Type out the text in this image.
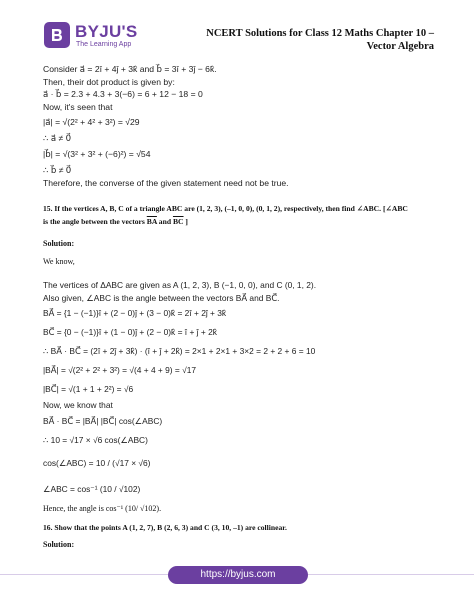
BYJU'S
The Learning App
NCERT Solutions for Class 12 Maths Chapter 10 –
Vector Algebra
Consider a⃗ = 2î + 4ĵ + 3k̂ and b⃗ = 3î + 3ĵ − 6k̂.
Then, their dot product is given by:
a⃗ · b⃗ = 2.3 + 4.3 + 3(−6) = 6 + 12 − 18 = 0
Now, it's seen that
|a⃗| = √(2² + 4² + 3²) = √29
∴ a⃗ ≠ 0⃗
|b⃗| = √(3² + 3² + (−6)²) = √54
∴ b⃗ ≠ 0⃗
Therefore, the converse of the given statement need not be true.
15. If the vertices A, B, C of a triangle ABC are (1, 2, 3), (–1, 0, 0), (0, 1, 2), respectively, then find ∠ABC. [∠ABC
is the angle between the vectors $\overline{BA}$ and $\overline{BC}$ ]
Solution:
We know,
The vertices of ΔABC are given as A (1, 2, 3), B (−1, 0, 0), and C (0, 1, 2).
Also given, ∠ABC is the angle between the vectors BA⃗ and BC⃗.
BA⃗ = {1 − (−1)}î + (2 − 0)ĵ + (3 − 0)k̂ = 2î + 2ĵ + 3k̂
BC⃗ = {0 − (−1)}î + (1 − 0)ĵ + (2 − 0)k̂ = î + ĵ + 2k̂
∴ BA⃗ · BC⃗ = (2î + 2ĵ + 3k̂) · (î + ĵ + 2k̂) = 2×1 + 2×1 + 3×2 = 2 + 2 + 6 = 10
|BA⃗| = √(2² + 2² + 3²) = √(4 + 4 + 9) = √17
|BC⃗| = √(1 + 1 + 2²) = √6
Now, we know that
BA⃗ · BC⃗ = |BA⃗| |BC⃗| cos(∠ABC)
∴ 10 = √17 × √6 cos(∠ABC)
cos(∠ABC) = 10 / (√17 × √6)
∠ABC = cos⁻¹ (10 / √102)
Hence, the angle is cos⁻¹ (10/ √102).
16. Show that the points A (1, 2, 7), B (2, 6, 3) and C (3, 10, –1) are collinear.
Solution:
https://byjus.com
